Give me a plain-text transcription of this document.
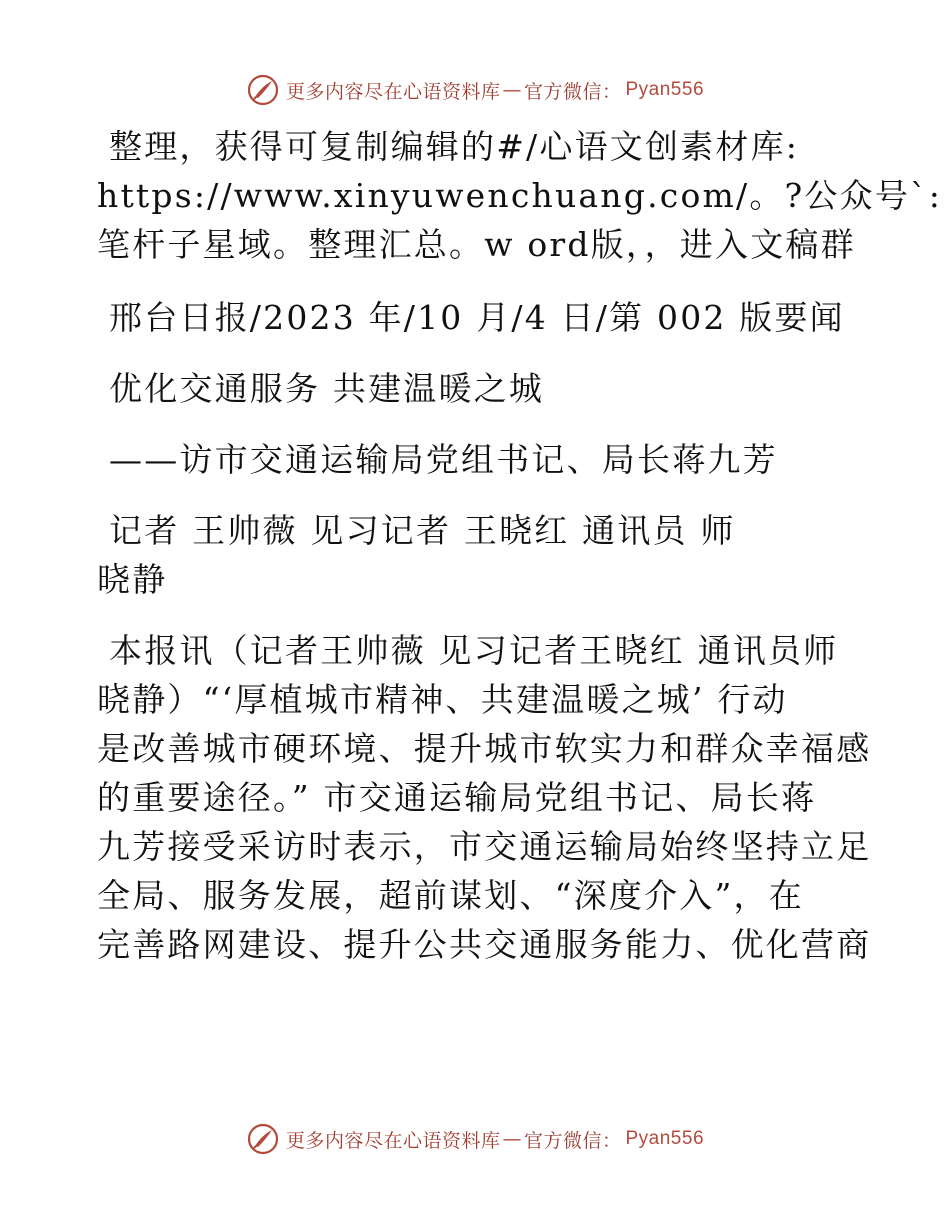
更多内容尽在心语资料库 — 官方微信： Pyan556

整理，获得可复制编辑的#/心语文创素材库:

https://www.xinyuwenchuang.com/。?公众号`:

笔杆子星域。整理汇总。w ord版，，进入文稿群

邢台日报/2023 年/10 月/4 日/第 002 版要闻

优化交通服务 共建温暖之城

——访市交通运输局党组书记、局长蒋九芳

记者 王帅薇 见习记者 王晓红 通讯员 师

晓静

本报讯（记者王帅薇 见习记者王晓红 通讯员师

晓静）“‘厚植城市精神、共建温暖之城’ 行动

是改善城市硬环境、提升城市软实力和群众幸福感

的重要途径。” 市交通运输局党组书记、局长蒋

九芳接受采访时表示，市交通运输局始终坚持立足

全局、服务发展，超前谋划、“深度介入”，在

完善路网建设、提升公共交通服务能力、优化营商

更多内容尽在心语资料库 — 官方微信： Pyan556
